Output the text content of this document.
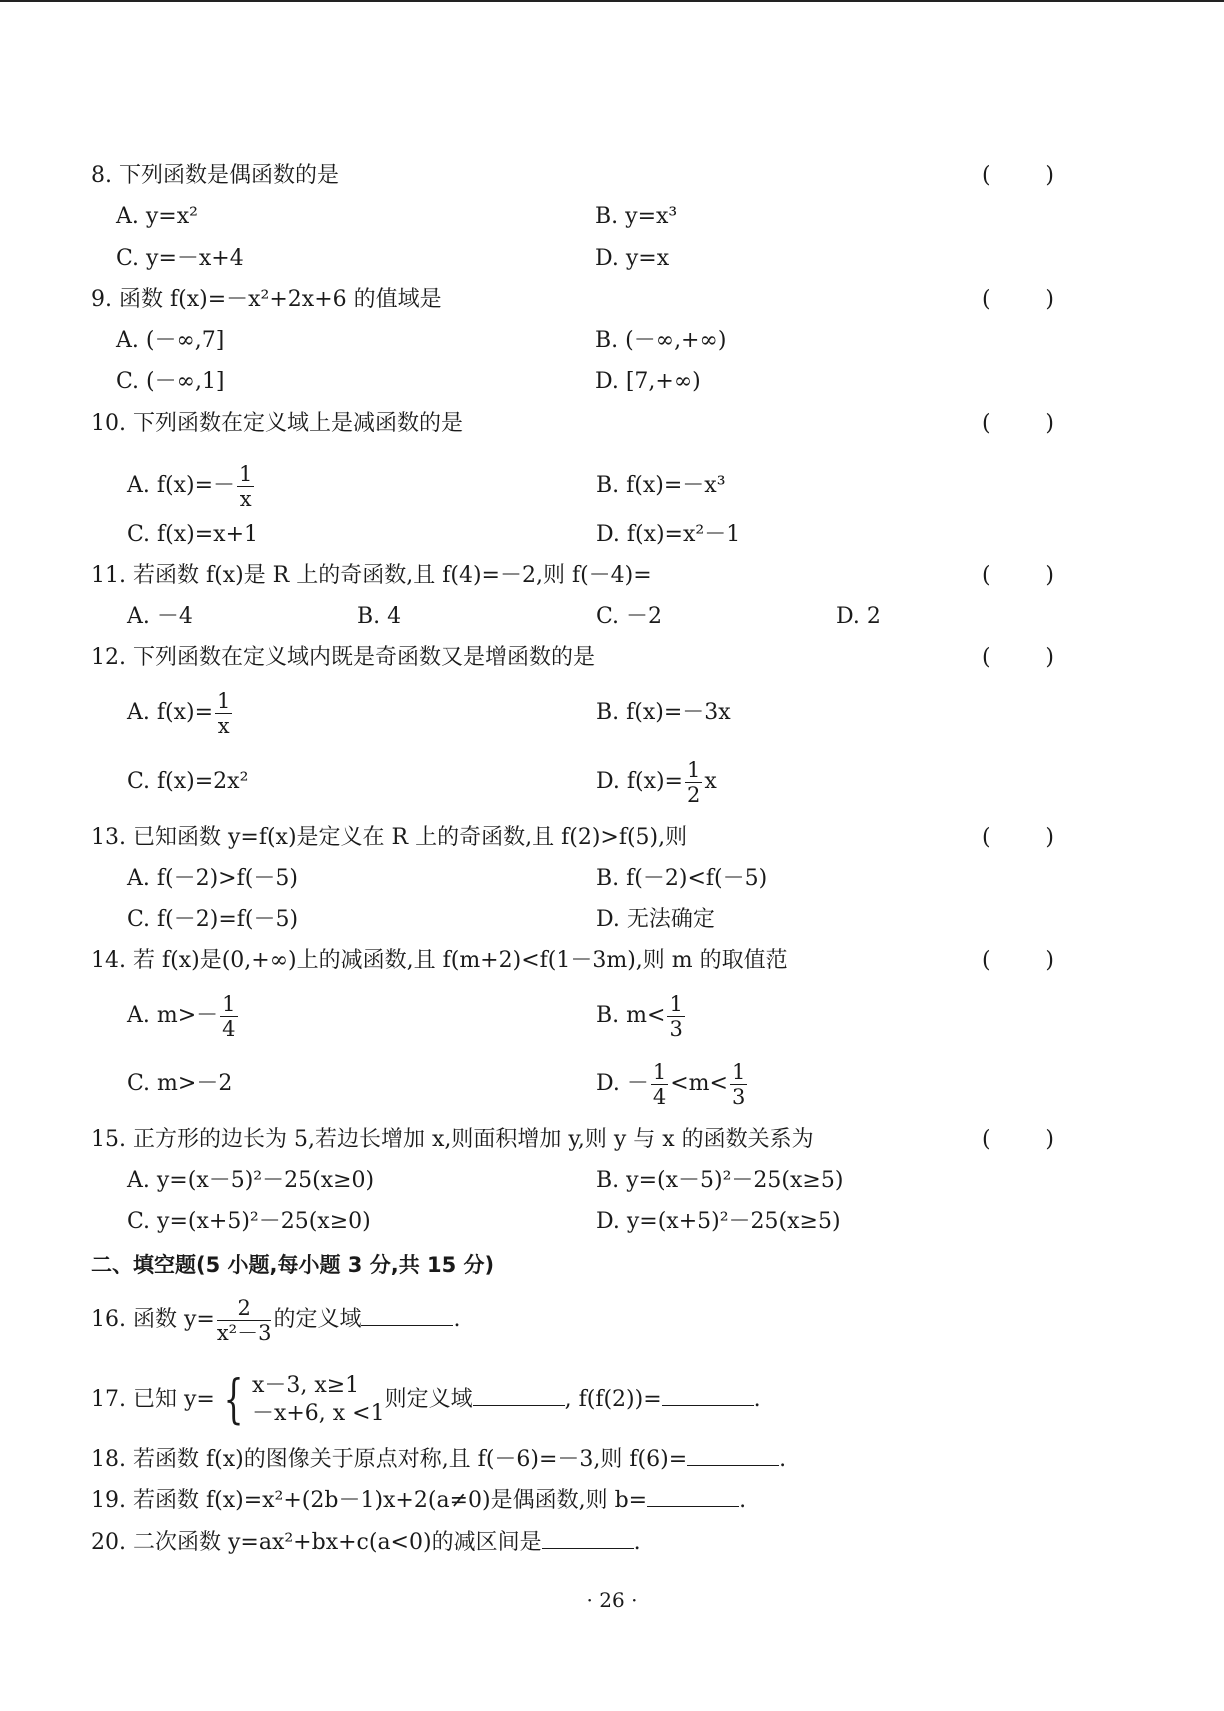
8. 下列函数是偶函数的是	( )
A. y=x²	B. y=x³
C. y=－x+4	D. y=x
9. 函数 f(x)=－x²+2x+6 的值域是	( )
A. (－∞,7]	B. (－∞,+∞)
C. (－∞,1]	D. [7,+∞)
10. 下列函数在定义域上是减函数的是	( )
A. $f(x)=- \frac{1}{x}$	B. f(x)=－x³
C. f(x)=x+1	D. f(x)=x²－1
11. 若函数 f(x)是 R 上的奇函数,且 f(4)=－2,则 f(－4)=	( )
A. －4	B. 4	C. －2	D. 2
12. 下列函数在定义域内既是奇函数又是增函数的是	( )
A. $f(x)= \frac{1}{x}$	B. f(x)=－3x
C. f(x)=2x²	D. $f(x)= \frac{1}{2}$ x
13. 已知函数 y=f(x)是定义在 R 上的奇函数,且 f(2)>f(5),则	( )
A. f(－2)>f(－5)	B. f(－2)<f(－5)
C. f(－2)=f(－5)	D. 无法确定
14. 若 f(x)是(0,+∞)上的减函数,且 f(m+2)<f(1－3m),则 m 的取值范	( )
A. $m>- \frac{1}{4}$	B. $m< \frac{1}{3}$
C. m>－2	D. － $\frac{1}{4} <m< \frac{1}{3}$
15. 正方形的边长为 5,若边长增加 x,则面积增加 y,则 y 与 x 的函数关系为	( )
A. y=(x－5)²－25(x≥0)	B. y=(x－5)²－25(x≥5)
C. y=(x+5)²－25(x≥0)	D. y=(x+5)²－25(x≥5)
二、填空题(5 小题,每小题 3 分,共 15 分)
16. 函数 $y= \frac{2}{\text{x²－3}}$ 的定义域	.
17. 已知 y= { x－3, x≥1
－x+6, x <1
则定义域	, f(f(2))=	.
18. 若函数 f(x)的图像关于原点对称,且 f(－6)=－3,则 f(6)=	.
19. 若函数 f(x)=x²+(2b－1)x+2(a≠0)是偶函数,则 b=	.
20. 二次函数 y=ax²+bx+c(a<0)的减区间是	.
· 26 ·
